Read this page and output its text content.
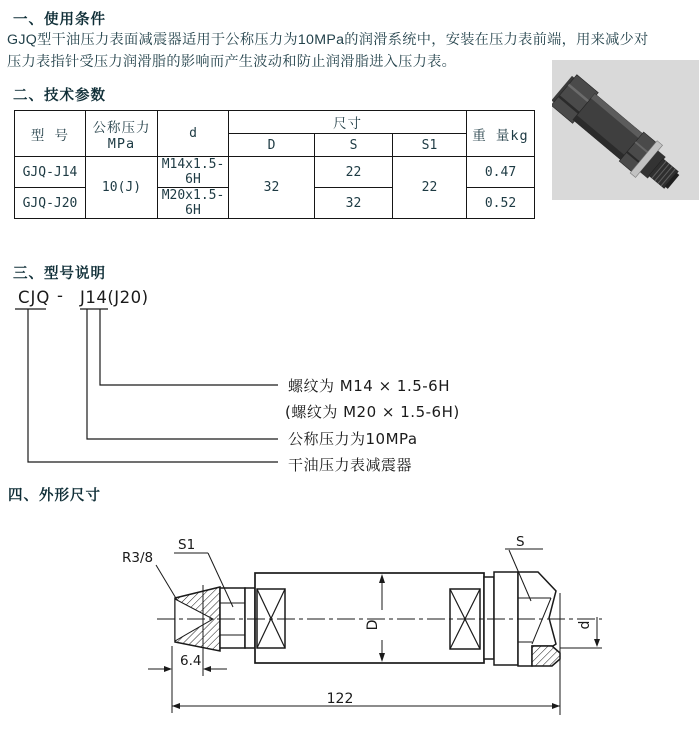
一、使用条件
GJQ型干油压力表面减震器适用于公称压力为10MPa的润滑系统中，安装在压力表前端，用来减少对
压力表指针受压力润滑脂的影响而产生波动和防止润滑脂进入压力表。
二、技术参数
型 号	公称压力MPa	d	尺寸			重 量kg
			D	S	S1	
GJQ-J14	10(J)	M14x1.5-6H	32	22	22	0.47
GJQ-J20		M20x1.5-6H		32		0.52
三、型号说明
CJQ - J14(J20)
螺纹为 M14 × 1.5-6H
(螺纹为 M20 × 1.5-6H)
公称压力为10MPa
干油压力表减震器
四、外形尺寸
R3/8
S1	S
6.4
122
D	d
